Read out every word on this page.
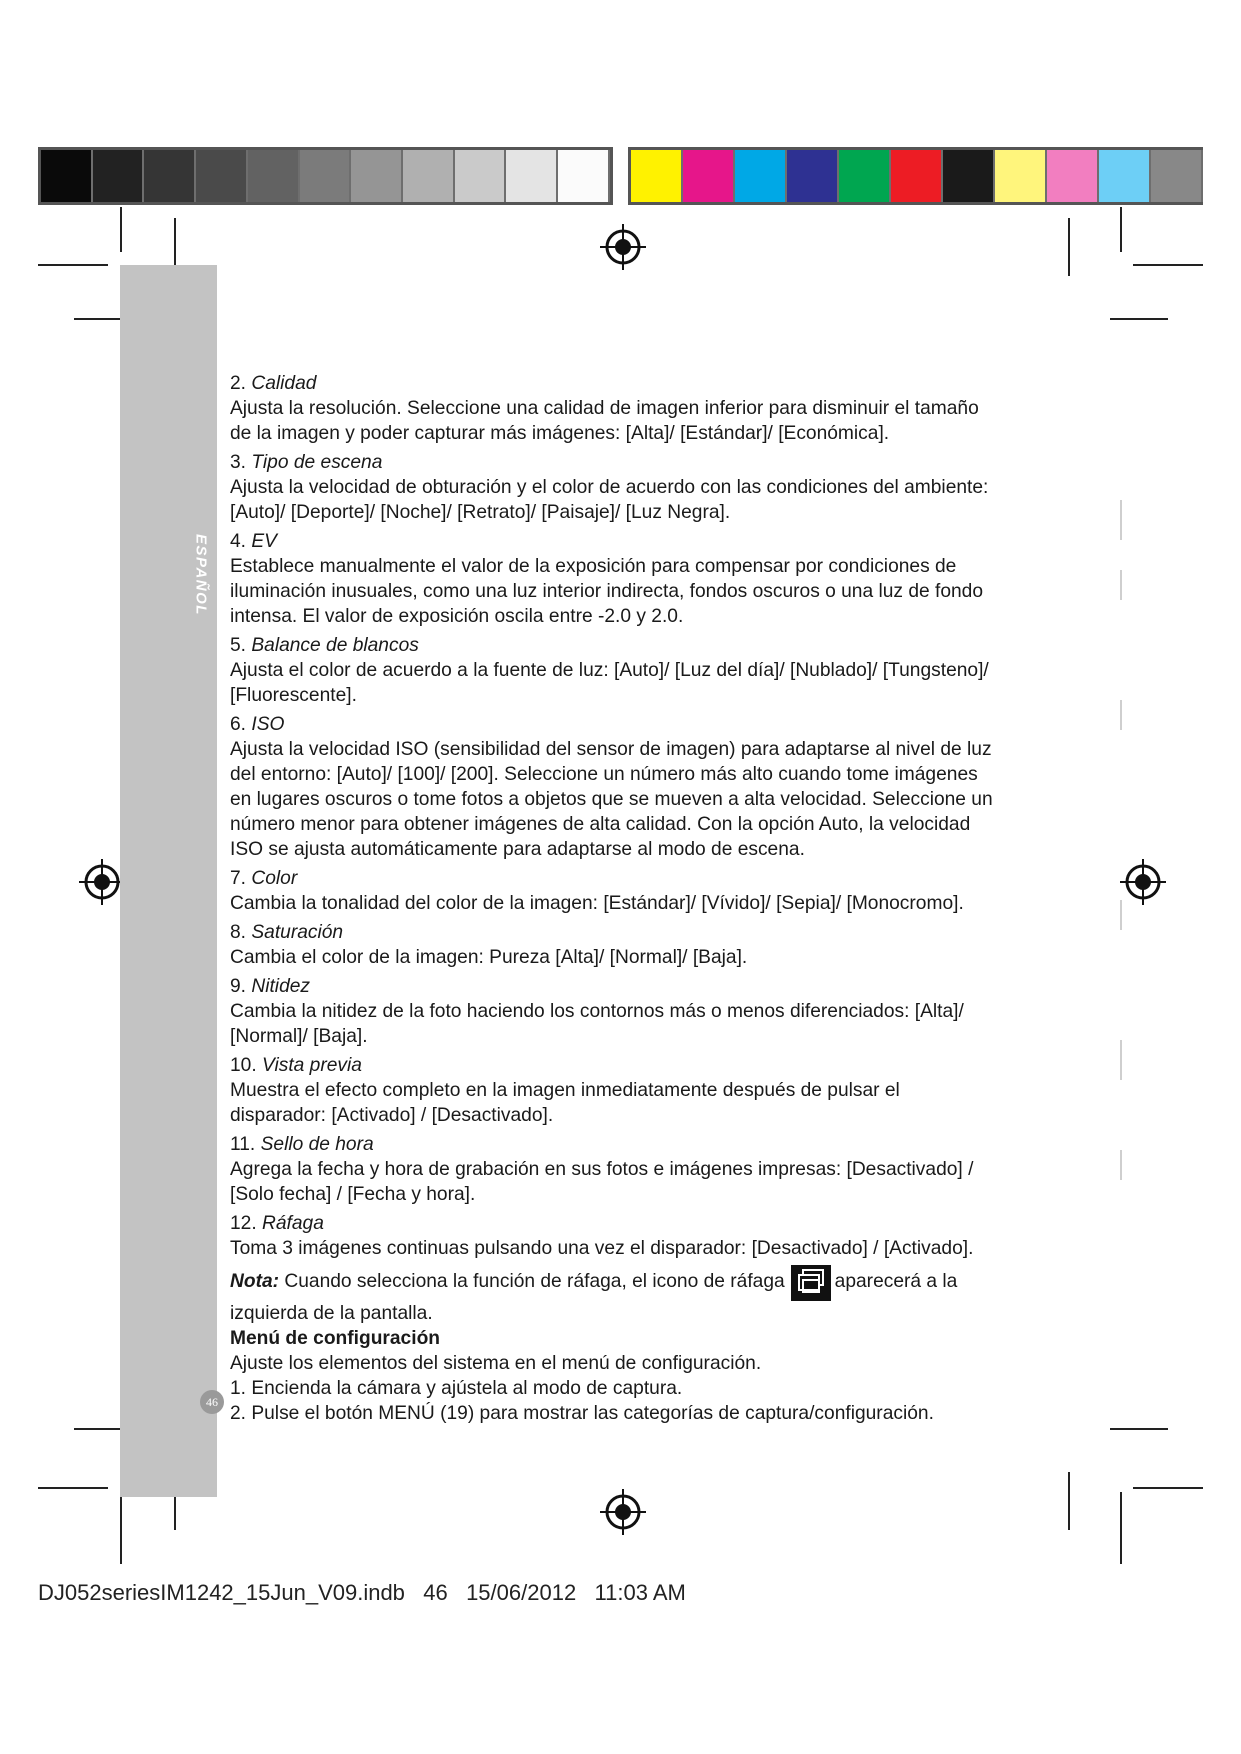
ESPAÑOL

2. Calidad

Ajusta la resolución. Seleccione una calidad de imagen inferior para disminuir el tamaño

de la imagen y poder capturar más imágenes: [Alta]/ [Estándar]/ [Económica].

3. Tipo de escena

Ajusta la velocidad de obturación y el color de acuerdo con las condiciones del ambiente:

[Auto]/ [Deporte]/ [Noche]/ [Retrato]/ [Paisaje]/ [Luz Negra].

4. EV

Establece manualmente el valor de la exposición para compensar por condiciones de

iluminación inusuales, como una luz interior indirecta, fondos oscuros o una luz de fondo

intensa. El valor de exposición oscila entre -2.0 y 2.0.

5. Balance de blancos

Ajusta el color de acuerdo a la fuente de luz: [Auto]/ [Luz del día]/ [Nublado]/ [Tungsteno]/

[Fluorescente].

6. ISO

Ajusta la velocidad ISO (sensibilidad del sensor de imagen) para adaptarse al nivel de luz

del entorno: [Auto]/ [100]/ [200]. Seleccione un número más alto cuando tome imágenes

en lugares oscuros o tome fotos a objetos que se mueven a alta velocidad. Seleccione un

número menor para obtener imágenes de alta calidad. Con la opción Auto, la velocidad

ISO se ajusta automáticamente para adaptarse al modo de escena.

7. Color

Cambia la tonalidad del color de la imagen: [Estándar]/ [Vívido]/ [Sepia]/ [Monocromo].

8. Saturación

Cambia el color de la imagen: Pureza [Alta]/ [Normal]/ [Baja].

9. Nitidez

Cambia la nitidez de la foto haciendo los contornos más o menos diferenciados: [Alta]/

[Normal]/ [Baja].

10. Vista previa

Muestra el efecto completo en la imagen inmediatamente después de pulsar el

disparador: [Activado] / [Desactivado].

11. Sello de hora

Agrega la fecha y hora de grabación en sus fotos e imágenes impresas: [Desactivado] /

[Solo fecha] / [Fecha y hora].

12. Ráfaga

Toma 3 imágenes continuas pulsando una vez el disparador: [Desactivado] / [Activado].

Nota: Cuando selecciona la función de ráfaga, el icono de ráfaga	aparecerá a la

izquierda de la pantalla.

Menú de configuración

Ajuste los elementos del sistema en el menú de configuración.

1. Encienda la cámara y ajústela al modo de captura.

2. Pulse el botón MENÚ (19) para mostrar las categorías de captura/configuración.

46
DJ052seriesIM1242_15Jun_V09.indb   46   15/06/2012   11:03 AM
